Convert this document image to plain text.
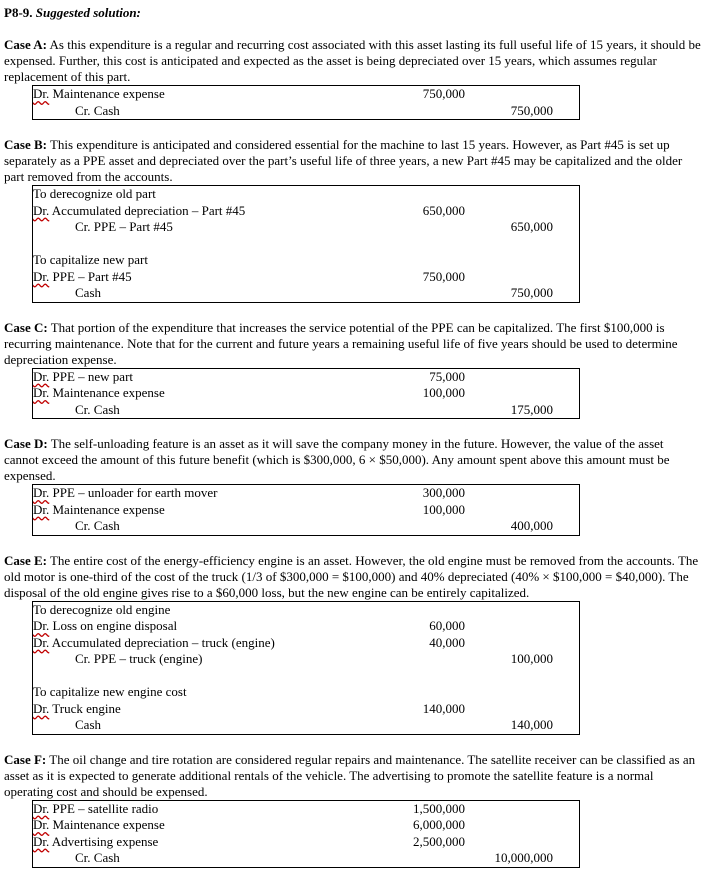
P8-9. Suggested solution:

Case A: As this expenditure is a regular and recurring cost associated with this asset lasting its full useful life of 15 years, it should be expensed. Further, this cost is anticipated and expected as the asset is being depreciated over 15 years, which assumes regular replacement of this part.

Dr. Maintenance expense	750,000
Cr. Cash	750,000

Case B: This expenditure is anticipated and considered essential for the machine to last 15 years. However, as Part #45 is set up separately as a PPE asset and depreciated over the part’s useful life of three years, a new Part #45 may be capitalized and the older part removed from the accounts.

To derecognize old part
Dr. Accumulated depreciation – Part #45	650,000
Cr. PPE – Part #45	650,000
To capitalize new part
Dr. PPE – Part #45	750,000
Cash	750,000

Case C: That portion of the expenditure that increases the service potential of the PPE can be capitalized. The first $100,000 is recurring maintenance. Note that for the current and future years a remaining useful life of five years should be used to determine depreciation expense.

Dr. PPE – new part	75,000
Dr. Maintenance expense	100,000
Cr. Cash	175,000

Case D: The self-unloading feature is an asset as it will save the company money in the future. However, the value of the asset cannot exceed the amount of this future benefit (which is $300,000, 6 × $50,000). Any amount spent above this amount must be expensed.

Dr. PPE – unloader for earth mover	300,000
Dr. Maintenance expense	100,000
Cr. Cash	400,000

Case E: The entire cost of the energy-efficiency engine is an asset. However, the old engine must be removed from the accounts. The old motor is one-third of the cost of the truck (1/3 of $300,000 = $100,000) and 40% depreciated (40% × $100,000 = $40,000). The disposal of the old engine gives rise to a $60,000 loss, but the new engine can be entirely capitalized.

To derecognize old engine
Dr. Loss on engine disposal	60,000
Dr. Accumulated depreciation – truck (engine)	40,000
Cr. PPE – truck (engine)	100,000
To capitalize new engine cost
Dr. Truck engine	140,000
Cash	140,000

Case F: The oil change and tire rotation are considered regular repairs and maintenance. The satellite receiver can be classified as an asset as it is expected to generate additional rentals of the vehicle. The advertising to promote the satellite feature is a normal operating cost and should be expensed.

Dr. PPE – satellite radio	1,500,000
Dr. Maintenance expense	6,000,000
Dr. Advertising expense	2,500,000
Cr. Cash	10,000,000
